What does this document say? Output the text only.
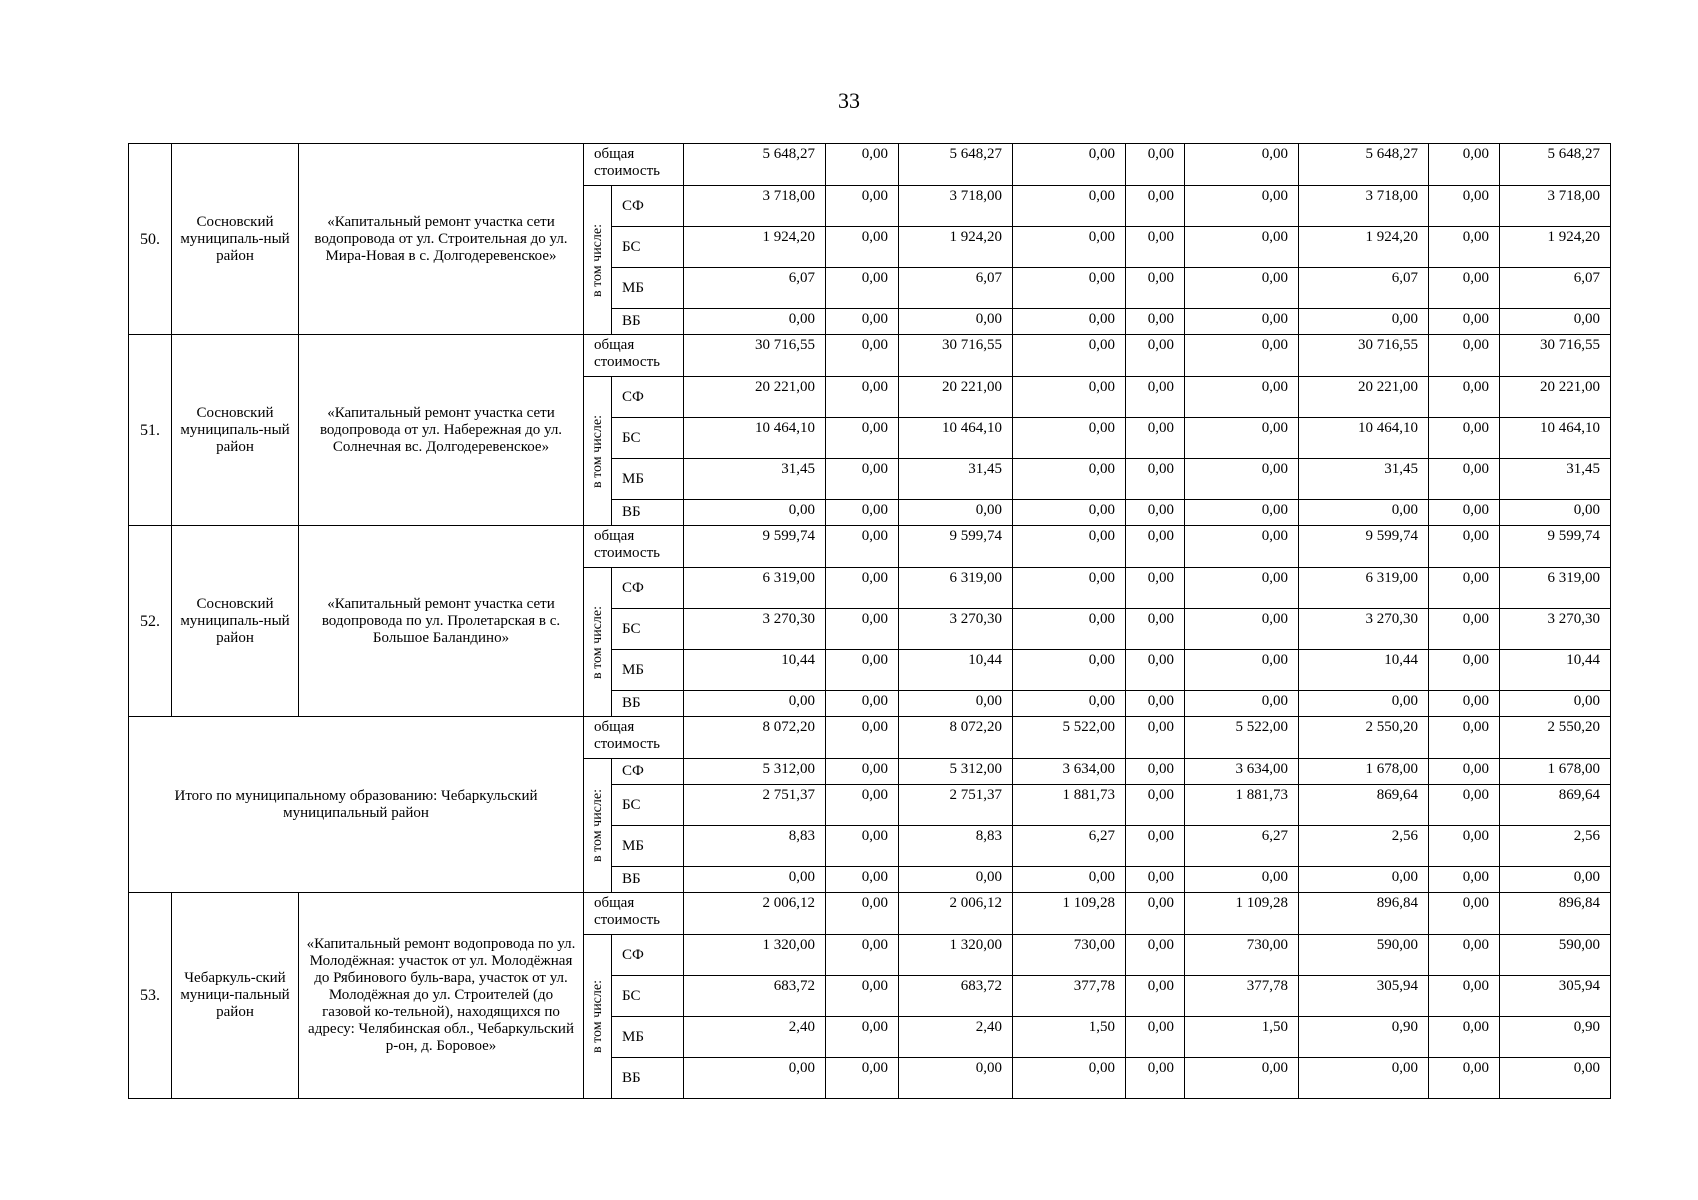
33
50.	Сосновский муниципаль-ный район	«Капитальный ремонт участка сети водопровода от ул. Строительная до ул. Мира-Новая в с. Долгодеревенское»	общая стоимость		5 648,27	0,00	5 648,27	0,00	0,00	0,00	5 648,27	0,00	5 648,27

			в том числе:	СФ	3 718,00	0,00	3 718,00	0,00	0,00	0,00	3 718,00	0,00	3 718,00
				БС	1 924,20	0,00	1 924,20	0,00	0,00	0,00	1 924,20	0,00	1 924,20
				МБ	6,07	0,00	6,07	0,00	0,00	0,00	6,07	0,00	6,07
				ВБ	0,00	0,00	0,00	0,00	0,00	0,00	0,00	0,00	0,00
51.	Сосновский муниципаль-ный район	«Капитальный ремонт участка сети водопровода от ул. Набережная до ул. Солнечная вс. Долгодеревенское»	общая стоимость		30 716,55	0,00	30 716,55	0,00	0,00	0,00	30 716,55	0,00	30 716,55

			в том числе:	СФ	20 221,00	0,00	20 221,00	0,00	0,00	0,00	20 221,00	0,00	20 221,00
				БС	10 464,10	0,00	10 464,10	0,00	0,00	0,00	10 464,10	0,00	10 464,10
				МБ	31,45	0,00	31,45	0,00	0,00	0,00	31,45	0,00	31,45
				ВБ	0,00	0,00	0,00	0,00	0,00	0,00	0,00	0,00	0,00
52.	Сосновский муниципаль-ный район	«Капитальный ремонт участка сети водопровода по ул. Пролетарская в с. Большое Баландино»	общая стоимость		9 599,74	0,00	9 599,74	0,00	0,00	0,00	9 599,74	0,00	9 599,74

			в том числе:	СФ	6 319,00	0,00	6 319,00	0,00	0,00	0,00	6 319,00	0,00	6 319,00
				БС	3 270,30	0,00	3 270,30	0,00	0,00	0,00	3 270,30	0,00	3 270,30
				МБ	10,44	0,00	10,44	0,00	0,00	0,00	10,44	0,00	10,44
				ВБ	0,00	0,00	0,00	0,00	0,00	0,00	0,00	0,00	0,00
Итого по муниципальному образованию: Чебаркульский муниципальный район			общая стоимость		8 072,20	0,00	8 072,20	5 522,00	0,00	5 522,00	2 550,20	0,00	2 550,20

			в том числе:	СФ	5 312,00	0,00	5 312,00	3 634,00	0,00	3 634,00	1 678,00	0,00	1 678,00
				БС	2 751,37	0,00	2 751,37	1 881,73	0,00	1 881,73	869,64	0,00	869,64
				МБ	8,83	0,00	8,83	6,27	0,00	6,27	2,56	0,00	2,56
				ВБ	0,00	0,00	0,00	0,00	0,00	0,00	0,00	0,00	0,00
53.	Чебаркуль-ский муници-пальный район	«Капитальный ремонт водопровода по ул. Молодёжная: участок от ул. Молодёжная до Рябинового буль-вара, участок от ул. Молодёжная до ул. Строителей (до газовой ко-тельной), находящихся по адресу: Челябинская обл., Чебаркульский р-он, д. Боровое»	общая стоимость		2 006,12	0,00	2 006,12	1 109,28	0,00	1 109,28	896,84	0,00	896,84

			в том числе:	СФ	1 320,00	0,00	1 320,00	730,00	0,00	730,00	590,00	0,00	590,00
				БС	683,72	0,00	683,72	377,78	0,00	377,78	305,94	0,00	305,94
				МБ	2,40	0,00	2,40	1,50	0,00	1,50	0,90	0,00	0,90
				ВБ	0,00	0,00	0,00	0,00	0,00	0,00	0,00	0,00	0,00
